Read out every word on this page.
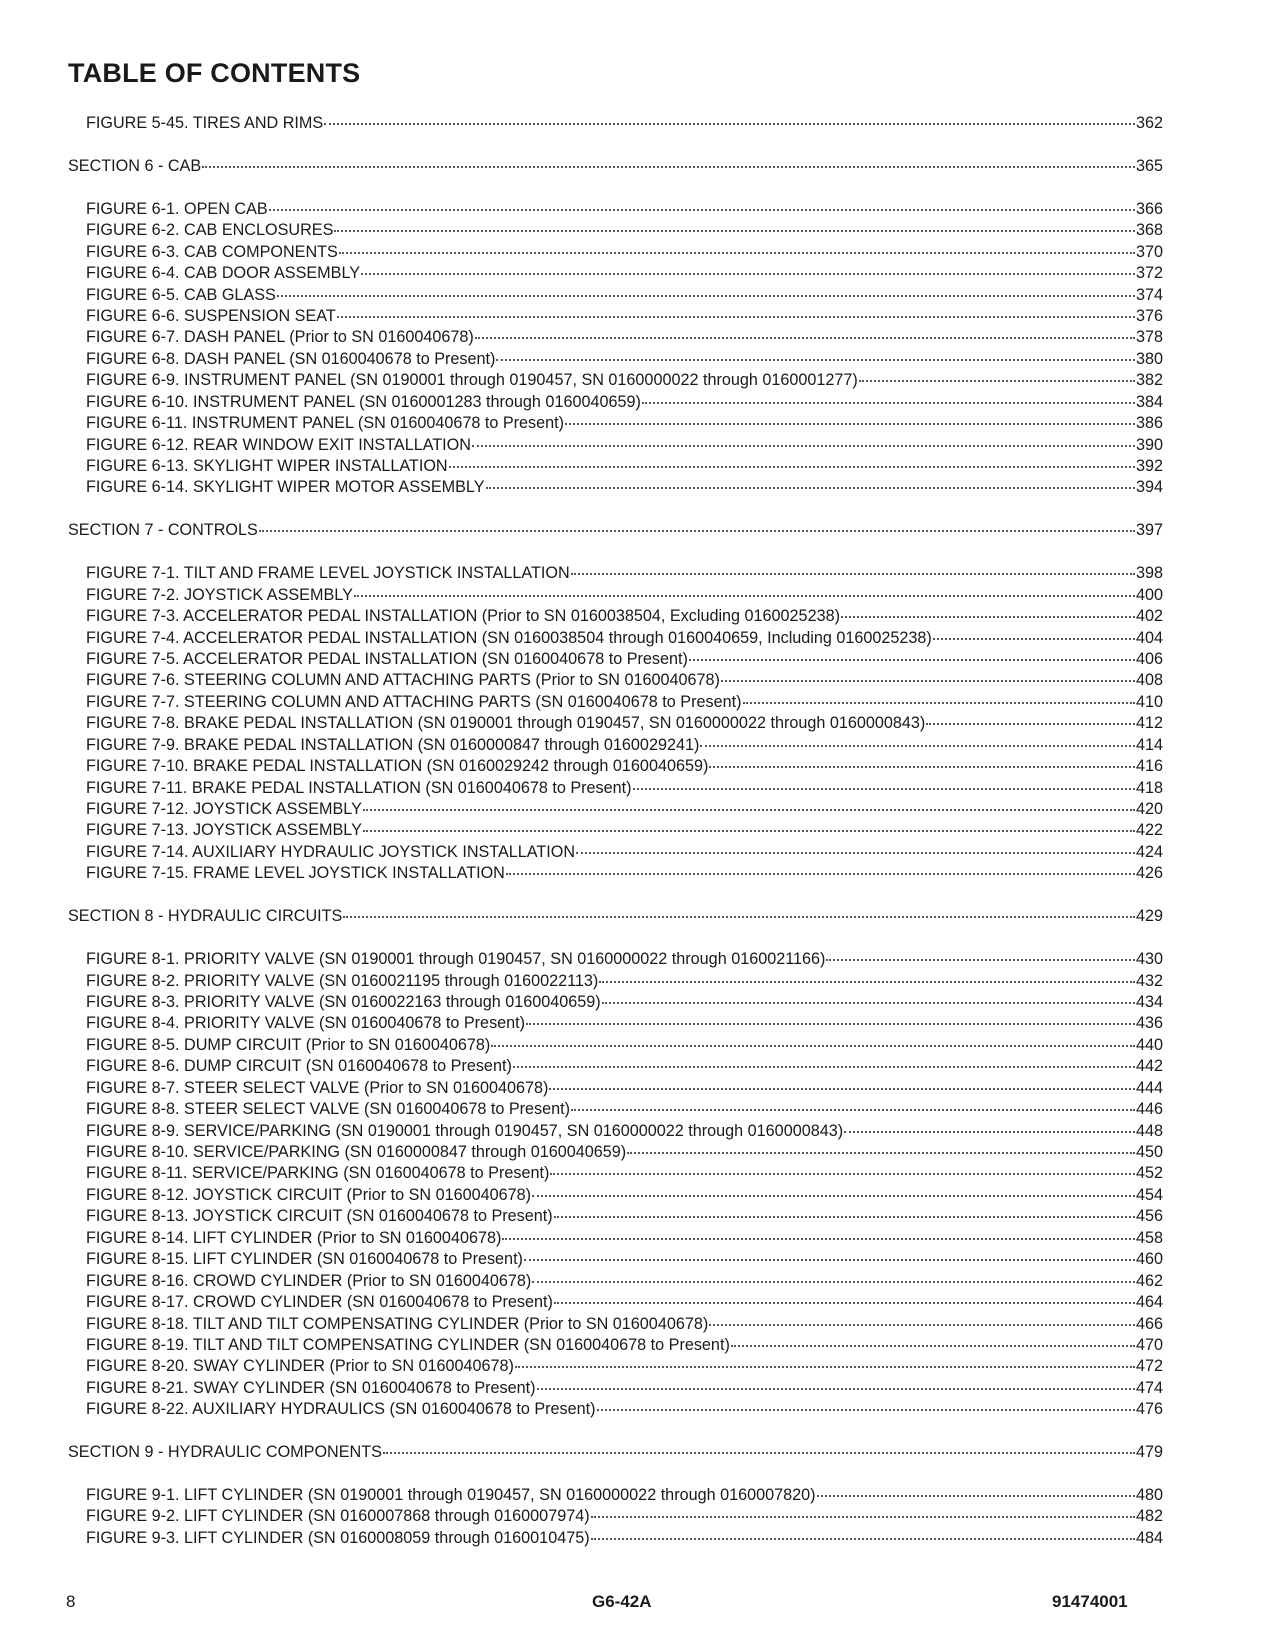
TABLE OF CONTENTS
FIGURE 5-45. TIRES AND RIMS	362
SECTION 6 - CAB	365
FIGURE 6-1. OPEN CAB	366
FIGURE 6-2. CAB ENCLOSURES	368
FIGURE 6-3. CAB COMPONENTS	370
FIGURE 6-4. CAB DOOR ASSEMBLY	372
FIGURE 6-5. CAB GLASS	374
FIGURE 6-6. SUSPENSION SEAT	376
FIGURE 6-7. DASH PANEL (Prior to SN 0160040678)	378
FIGURE 6-8. DASH PANEL (SN 0160040678 to Present)	380
FIGURE 6-9. INSTRUMENT PANEL (SN 0190001 through 0190457, SN 0160000022 through 0160001277)	382
FIGURE 6-10. INSTRUMENT PANEL (SN 0160001283 through 0160040659)	384
FIGURE 6-11. INSTRUMENT PANEL (SN 0160040678 to Present)	386
FIGURE 6-12. REAR WINDOW EXIT INSTALLATION	390
FIGURE 6-13. SKYLIGHT WIPER INSTALLATION	392
FIGURE 6-14. SKYLIGHT WIPER MOTOR ASSEMBLY	394
SECTION 7 - CONTROLS	397
FIGURE 7-1. TILT AND FRAME LEVEL JOYSTICK INSTALLATION	398
FIGURE 7-2. JOYSTICK ASSEMBLY	400
FIGURE 7-3. ACCELERATOR PEDAL INSTALLATION (Prior to SN 0160038504, Excluding 0160025238)	402
FIGURE 7-4. ACCELERATOR PEDAL INSTALLATION (SN 0160038504 through 0160040659, Including 0160025238)	404
FIGURE 7-5. ACCELERATOR PEDAL INSTALLATION (SN 0160040678 to Present)	406
FIGURE 7-6. STEERING COLUMN AND ATTACHING PARTS (Prior to SN 0160040678)	408
FIGURE 7-7. STEERING COLUMN AND ATTACHING PARTS (SN 0160040678 to Present)	410
FIGURE 7-8. BRAKE PEDAL INSTALLATION (SN 0190001 through 0190457, SN 0160000022 through 0160000843)	412
FIGURE 7-9. BRAKE PEDAL INSTALLATION (SN 0160000847 through 0160029241)	414
FIGURE 7-10. BRAKE PEDAL INSTALLATION (SN 0160029242 through 0160040659)	416
FIGURE 7-11. BRAKE PEDAL INSTALLATION (SN 0160040678 to Present)	418
FIGURE 7-12. JOYSTICK ASSEMBLY	420
FIGURE 7-13. JOYSTICK ASSEMBLY	422
FIGURE 7-14. AUXILIARY HYDRAULIC JOYSTICK INSTALLATION	424
FIGURE 7-15. FRAME LEVEL JOYSTICK INSTALLATION	426
SECTION 8 - HYDRAULIC CIRCUITS	429
FIGURE 8-1. PRIORITY VALVE (SN 0190001 through 0190457, SN 0160000022 through 0160021166)	430
FIGURE 8-2. PRIORITY VALVE (SN 0160021195 through 0160022113)	432
FIGURE 8-3. PRIORITY VALVE (SN 0160022163 through 0160040659)	434
FIGURE 8-4. PRIORITY VALVE (SN 0160040678 to Present)	436
FIGURE 8-5. DUMP CIRCUIT (Prior to SN 0160040678)	440
FIGURE 8-6. DUMP CIRCUIT (SN 0160040678 to Present)	442
FIGURE 8-7. STEER SELECT VALVE (Prior to SN 0160040678)	444
FIGURE 8-8. STEER SELECT VALVE (SN 0160040678 to Present)	446
FIGURE 8-9. SERVICE/PARKING (SN 0190001 through 0190457, SN 0160000022 through 0160000843)	448
FIGURE 8-10. SERVICE/PARKING (SN 0160000847 through 0160040659)	450
FIGURE 8-11. SERVICE/PARKING (SN 0160040678 to Present)	452
FIGURE 8-12. JOYSTICK CIRCUIT (Prior to SN 0160040678)	454
FIGURE 8-13. JOYSTICK CIRCUIT (SN 0160040678 to Present)	456
FIGURE 8-14. LIFT CYLINDER (Prior to SN 0160040678)	458
FIGURE 8-15. LIFT CYLINDER (SN 0160040678 to Present)	460
FIGURE 8-16. CROWD CYLINDER (Prior to SN 0160040678)	462
FIGURE 8-17. CROWD CYLINDER (SN 0160040678 to Present)	464
FIGURE 8-18. TILT AND TILT COMPENSATING CYLINDER (Prior to SN 0160040678)	466
FIGURE 8-19. TILT AND TILT COMPENSATING CYLINDER (SN 0160040678 to Present)	470
FIGURE 8-20. SWAY CYLINDER (Prior to SN 0160040678)	472
FIGURE 8-21. SWAY CYLINDER (SN 0160040678 to Present)	474
FIGURE 8-22. AUXILIARY HYDRAULICS (SN 0160040678 to Present)	476
SECTION 9 - HYDRAULIC COMPONENTS	479
FIGURE 9-1. LIFT CYLINDER (SN 0190001 through 0190457, SN 0160000022 through 0160007820)	480
FIGURE 9-2. LIFT CYLINDER (SN 0160007868 through 0160007974)	482
FIGURE 9-3. LIFT CYLINDER (SN 0160008059 through 0160010475)	484
8	G6-42A	91474001
